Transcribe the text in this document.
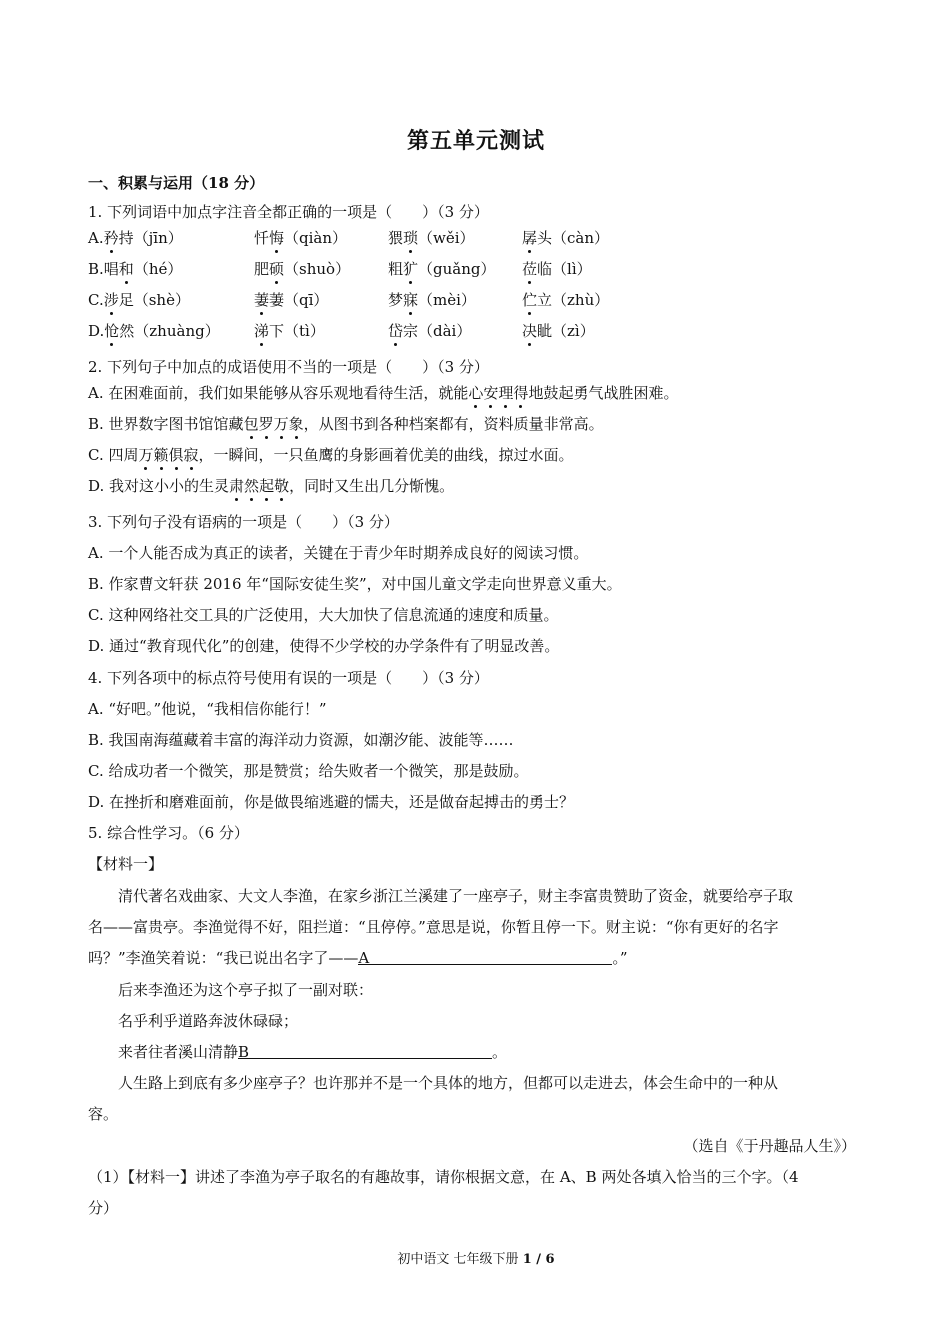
第五单元测试
一、积累与运用（18 分）
1. 下列词语中加点字注音全都正确的一项是（　　）（3 分）
A.矜持（jīn）	忏悔（qiàn）	猥琐（wěi）	孱头（càn）
B.唱和（hé）	肥硕（shuò）	粗犷（guǎng） 莅临（lì）
C.涉足（shè）	萋萋（qī）	梦寐（mèi）	伫立（zhù）
D.怆然（zhuàng） 涕下（tì）	岱宗（dài）	决眦（zì）
2. 下列句子中加点的成语使用不当的一项是（　　）（3 分）
A. 在困难面前，我们如果能够从容乐观地看待生活，就能心安理得地鼓起勇气战胜困难。
B. 世界数字图书馆馆藏包罗万象，从图书到各种档案都有，资料质量非常高。
C. 四周万籁俱寂，一瞬间，一只鱼鹰的身影画着优美的曲线，掠过水面。
D. 我对这小小的生灵肃然起敬，同时又生出几分惭愧。
3. 下列句子没有语病的一项是（　　）（3 分）
A. 一个人能否成为真正的读者，关键在于青少年时期养成良好的阅读习惯。
B. 作家曹文轩获 2016 年“国际安徒生奖”，对中国儿童文学走向世界意义重大。
C. 这种网络社交工具的广泛使用，大大加快了信息流通的速度和质量。
D. 通过“教育现代化”的创建，使得不少学校的办学条件有了明显改善。
4. 下列各项中的标点符号使用有误的一项是（　　）（3 分）
A. “好吧。”他说，“我相信你能行！”
B. 我国南海蕴藏着丰富的海洋动力资源，如潮汐能、波能等……
C. 给成功者一个微笑，那是赞赏；给失败者一个微笑，那是鼓励。
D. 在挫折和磨难面前，你是做畏缩逃避的懦夫，还是做奋起搏击的勇士？
5. 综合性学习。（6 分）
【材料一】
清代著名戏曲家、大文人李渔，在家乡浙江兰溪建了一座亭子，财主李富贵赞助了资金，就要给亭子取
名——富贵亭。李渔觉得不好，阻拦道：“且停停。”意思是说，你暂且停一下。财主说：“你有更好的名字
吗？”李渔笑着说：“我已说出名字了——A	。”
后来李渔还为这个亭子拟了一副对联：
名乎利乎道路奔波休碌碌；
来者往者溪山清静B	。
人生路上到底有多少座亭子？也许那并不是一个具体的地方，但都可以走进去，体会生命中的一种从
容。
（选自《于丹趣品人生》）
（1）【材料一】讲述了李渔为亭子取名的有趣故事，请你根据文意，在 A、B 两处各填入恰当的三个字。（4
分）
初中语文 七年级下册 1 / 6
